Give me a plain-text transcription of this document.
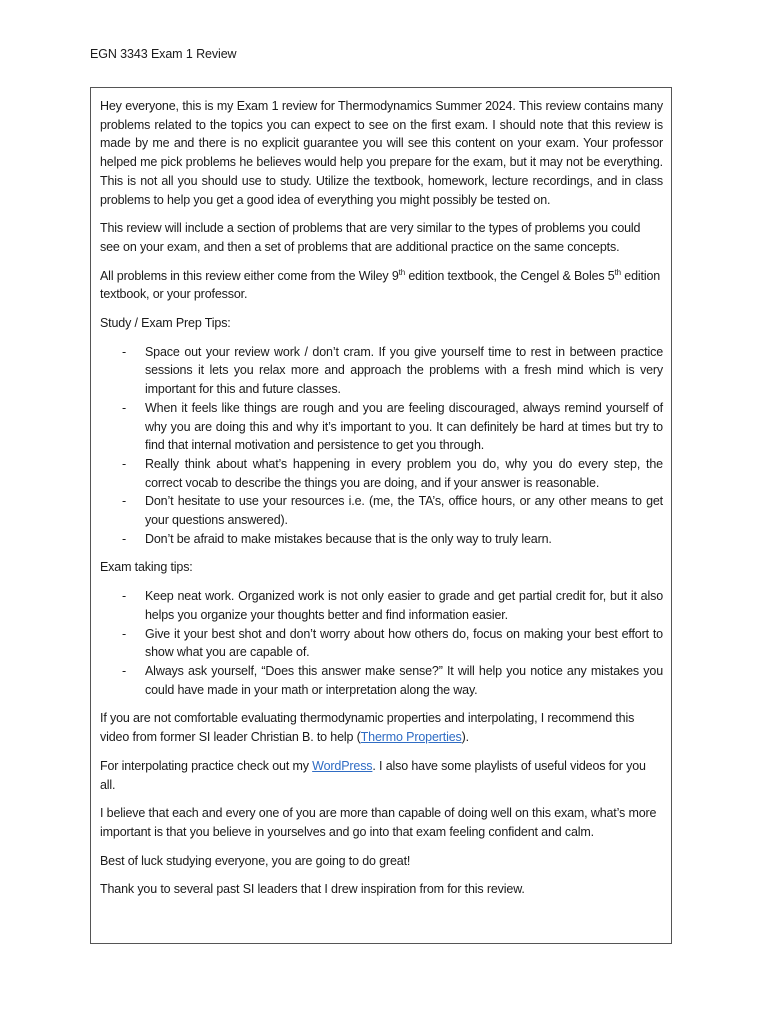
EGN 3343 Exam 1 Review

Hey everyone, this is my Exam 1 review for Thermodynamics Summer 2024. This review contains many problems related to the topics you can expect to see on the first exam. I should note that this review is made by me and there is no explicit guarantee you will see this content on your exam. Your professor helped me pick problems he believes would help you prepare for the exam, but it may not be everything. This is not all you should use to study. Utilize the textbook, homework, lecture recordings, and in class problems to help you get a good idea of everything you might possibly be tested on.

This review will include a section of problems that are very similar to the types of problems you could see on your exam, and then a set of problems that are additional practice on the same concepts.

All problems in this review either come from the Wiley 9th edition textbook, the Cengel & Boles 5th edition textbook, or your professor.

Study / Exam Prep Tips:

- Space out your review work / don’t cram. If you give yourself time to rest in between practice sessions it lets you relax more and approach the problems with a fresh mind which is very important for this and future classes.
- When it feels like things are rough and you are feeling discouraged, always remind yourself of why you are doing this and why it’s important to you. It can definitely be hard at times but try to find that internal motivation and persistence to get you through.
- Really think about what’s happening in every problem you do, why you do every step, the correct vocab to describe the things you are doing, and if your answer is reasonable.
- Don’t hesitate to use your resources i.e. (me, the TA’s, office hours, or any other means to get your questions answered).
- Don’t be afraid to make mistakes because that is the only way to truly learn.

Exam taking tips:

- Keep neat work. Organized work is not only easier to grade and get partial credit for, but it also helps you organize your thoughts better and find information easier.
- Give it your best shot and don’t worry about how others do, focus on making your best effort to show what you are capable of.
- Always ask yourself, “Does this answer make sense?” It will help you notice any mistakes you could have made in your math or interpretation along the way.

If you are not comfortable evaluating thermodynamic properties and interpolating, I recommend this video from former SI leader Christian B. to help (Thermo Properties).

For interpolating practice check out my WordPress. I also have some playlists of useful videos for you all.

I believe that each and every one of you are more than capable of doing well on this exam, what’s more important is that you believe in yourselves and go into that exam feeling confident and calm.

Best of luck studying everyone, you are going to do great!

Thank you to several past SI leaders that I drew inspiration from for this review.
